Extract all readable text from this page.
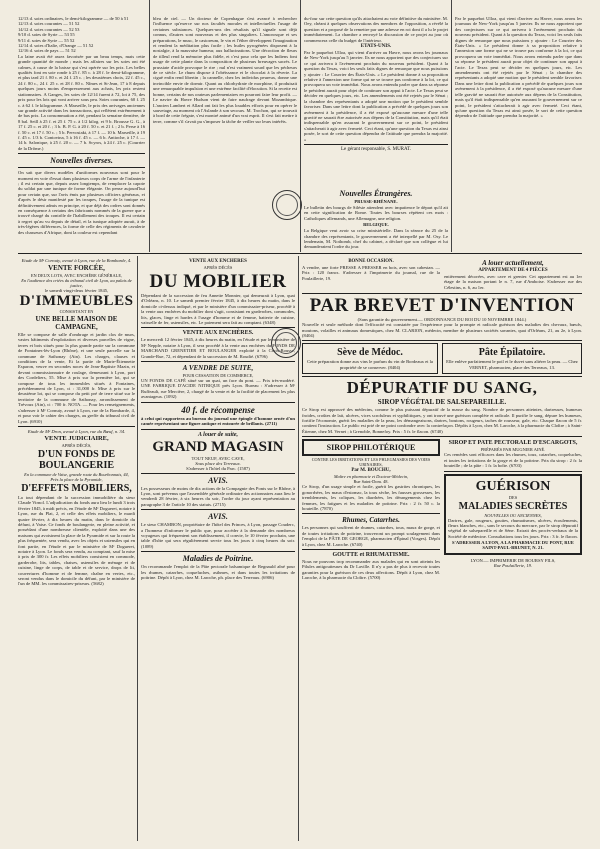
12/13 d. soies ordinaires, le demi-kilogramme — de 50 à 51
12/13 d. soies courantes — 51 52
14/12 d. soies courantes — 52 53
9/10 d. soies de Syrie — 53 55
9/11 d. soies de Syrie — 55 52
12/14 d. soies d'Italie, d'Orange — 51 52
12/16 d. soies de pays — 51 52

La laine avait été assez favorisée par un beau temps, mais cette grande quantité de monde ; mais les affaires sur les soies ont été calmes, à cause de la baisse qui s'est opérée sur les prix. Les belles qualités font en soie ronde à 25 f. 85 c. à 28 f. le demi-kilogramme, et plus tard 21 f. 80 c. et 24 f. 25 c. ; les deuxièmes choix, 22 f. 45 c., 24 f. 80 c., 24 f. 25 c. et 28 f. 80 c. Nîmes et St-Jean, 17 à 8 depuis quelques jours moins d'empressement aux achats, les prix restent stationnaires. A Ganges, les soies de 12/14 furent à 72, lot à 75, des prix pour les lots qui vont arriver sous peu. Soies courantes, 60 f. 25 c. à 62 f. le kilogramme. A Marseille, le prix des arrivages anciennes sur grande activité dans les transactions, qui reflètent extrêmement à de bas prix. La consommation a été, pendant la semaine dernière, de 8 bal. Seill à 25 f. et 25 f. 75 c. à 1/2 kilog. et 9 b. Brousse G. G., à 17 f. 25 c. et 20 f. ; 3 b. B. P. G. à 20 f. 50 c. et 21 f. ; 2 b. Perse à 16 f. 50 c. et 17 f. 50 c. ; 5 b. Pervosiaki, à 17 f. — 10 b. Marseille, à 19 f. 45 c. 1/3 b. Contovina, 5 à 16 f. 45 c. — 6 b. Antioche, à 17 f. — 14 b. Salonique, à 25 f. 20 c. — 7 b. Scyros, à 24 f. 25 c. (Courrier de la Drôme.)

Nouvelles diverses.

On sait que divers modèles d'uniformes nouveaux sont pour le moment en voie d'essai dans plusieurs corps de l'arme de l'infanterie ; il est certain que, depuis assez longtemps, de remplacer la capote du soldat par une tunique de forme élégante. On pense aujourd'hui pour certain que, sur l'avis émis par plusieurs officiers généraux, et d'après le désir manifesté par les troupes, l'usage de la tunique est définitivement admis en principe, et que déjà des ordres sont donnés en conséquence à certains des fabricants nommés de la guerre que a trouvé chargé du contrôle de l'habillement des troupes. Il est certain à regret qu'au vu depuis de détail, et la tunique adoptée aurait, à de très-légères différences, la forme de celle des régiments de cavalerie des chasseurs d'Afrique, dont la couleur est cependant

bleu de ciel. — Un docteur de Copenhague s'est avancé à rechercher l'influence qu'exerce sur nos facultés morales et intellectuelles l'usage de certaines substances. Quelques-uns des résultats qu'il signale sont déjà connus, d'autres sont nouveaux et des plus singuliers. L'amorosque et ses préparations, le musc, le castoreum, le vin et l'éther développent l'imagination et rendent la méditation plus facile ; les huiles pyrogénées disposent à la nostalgie, à la mauvaise humeur, aux hallucinations. Une décoction de fleurs de tilleul rend la mémoire plus fidèle, et c'est pour cela que les Indiens font usage de cette plante dans la composition de plusieurs breuvages sacrés. Le prussiate d'acide provoque le rire ; nul n'est vraiment sourd que les pécheurs de ce siècle. Le rhum dispose à l'obéissance et le chocolat à la rêverie. La ciguë enfin rend libertin ; la cannelle, chez les individus peureux, donne une invincible envie de dormir. Quant au chlorhydrate de morphine, il produisait une remarquable impulsion et une extrême facilité d'élocution. Si la recette est bonne, certains de nos orateurs parlementaires en pourront faire leur profit. — Le navire du Havre Hudson vient de faire naufrage devant Mozambique. L'ancien Lambert et Allard ont fait les plus louables efforts pour en opérer le sauvetage, au moment où l'Aslande à son secours. M. Trochon, qui se trouvait à bord de cette frégate, s'est montré animé d'un vrai esprit. Il s'est fait mettre à terre, comme s'il s'avait pu s'imposer la tâche de veiller sur leurs intérêts.

du-four sur cette question qu'ils attachaient au vote définitive du ministère. M. Oey, chéant à quelques observations des membres de l'opposition, a révélé la question et a proposé de la remettre par une adresse en roi dont il a lu le projet immédiatement. La chambre a renvoyé la discussion de ce projet au jour où commencera celle du budget de l'intérieur.

ETATS-UNIS.

Par le paquebot Ulloa, qui vient d'arriver au Havre, nous avons les journaux de New-York jusqu'au 5 janvier. Ils ne nous apportent que des conjectures sur ce qui arrivera à l'avènement prochain du nouveau président. Quant à la question du Texas, voici les seuls faits dignes de remarque que nous puissions y ajouter : Le Courrier des États-Unis. « Le président donne à sa proposition relative à l'annexion une forme qui ne se trouve pas conforme à la loi, ce qui provoquera un vote immédiat. Nous avons entendu parler que dans sa réponse le président aurait pour objet de continuer son appui à l'acte. Le Texas peut se décider en quelques jours, etc. Les amendements ont été rejetés par le Sénat ; la chambre des représentants a adopté une motion que le président semble favoriser. Dans une lettre dont la publication a précédé de quelques jours son avènement à la présidence, il a été exposé qu'aucune mesure d'une telle gravité ne saurait être autorisée aux dépens de la Constitution, mais qu'il était indispensable qu'en assurant le gouvernement sur ce point, le président s'attacherait à agir avec fermeté. Ceci étant, qu'une question du Texas est ainsi posée, le sort de cette question dépendra de l'attitude que prendra la majorité. »

Le gérant responsable, S. MURAT.
Nouvelles Étrangères.
PRUSSE-RHÉNANE.

Le bulletin des bourgs de Silésie attendent avec impatience le départ qu'il ait en cette signification de Rome. Toutes les bourses répètent ces mots : Catholiques allemands, une Allemagne, une religion.

BELGIQUE.

La Belgique veut avoir sa crise ministérielle. Dans la séance du 25 de la chambre des représentants, le gouvernement a été interpellé par M. Osy. Le lendemain, M. Nothomb, chef du cabinet, a déclaré que son collègue et lui demanderaient l'ordre du jour.

Par le paquebot Ulloa, qui vient d'arriver au Havre, nous avons les journaux de New-York jusqu'au 5 janvier. Ils ne nous apportent que des conjectures sur ce qui arrivera à l'avènement prochain du nouveau président. Quant à la question du Texas, voici les seuls faits dignes de remarque que nous puissions y ajouter : Le Courrier des États-Unis. « Le président donne à sa proposition relative à l'annexion une forme qui ne se trouve pas conforme à la loi, ce qui provoquera un vote immédiat. Nous avons entendu parler que dans sa réponse le président aurait pour objet de continuer son appui à l'acte. Le Texas peut se décider en quelques jours, etc. Les amendements ont été rejetés par le Sénat ; la chambre des représentants a adopté une motion que le président semble favoriser. Dans une lettre dont la publication a précédé de quelques jours son avènement à la présidence, il a été exposé qu'aucune mesure d'une telle gravité ne saurait être autorisée aux dépens de la Constitution, mais qu'il était indispensable qu'en assurant le gouvernement sur ce point, le président s'attacherait à agir avec fermeté. Ceci étant, qu'une question du Texas est ainsi posée, le sort de cette question dépendra de l'attitude que prendra la majorité. »

Etude de Mᵉ Cornuty, avoué à Lyon, rue de la Bombarde, 4.
VENTE FORCÉE,
EN DEUX LOTS, AVEC ENCHÈRE GÉNÉRALE,
En l'audience des criées du tribunal civil de Lyon, au palais de justice,
le samedi vingt-deux février 1845,
D'IMMEUBLES
CONSISTANT EN
UNE BELLE MAISON DE CAMPAGNE,

Elle se compose de salle d'ombrage et jardin clos de murs, vastes bâtiments d'exploitation et diverses parcelles de vigne, terres et bois situés pour la plus grande partie sur la commune de Fontaines-lès-Lyon (Rhône), et une seule parcelle sur la commune de Sathonay (Ain). Les charges, clauses et conditions de la vente, Et la partie de Marie-Étiennette Esparon, veuve en secondes noces de Jean-Baptiste Mazin, et devant commissionnaire de roulage, demeurant à Lyon, port des Cordeliers, 55. Mise à prix sur la première lot, qui se compose de tous les immeubles situés à Fontaines, précédemment de Lyon, ci : 31,000 fr. Mise à prix sur le deuxième lot, qui se compose du petit pré de terre situé sur le territoire de la commune de Sathonay, arrondissement de Trévoux (Ain), ci : 700 fr. NOTA. — Pour les renseignements, s'adresser à Mᵉ Cornuty, avoué à Lyon, rue de la Bombarde, 4, et pour voir le cahier des charges, au greffe du tribunal civil de Lyon. (6910)

Etude de Mᵉ Dron, avoué à Lyon, rue du Bœuf, n. 34.
VENTE JUDICIAIRE,
APRÈS DÉCÈS,
D'UN FONDS DE BOULANGERIE
En la commune de Vaise, grande route du Bourbonnais, 44,
Près la place de la Pyramide,
D'EFFETS MOBILIERS,

La tout dépendant de la succession immobilière du sieur Claude Virnol. L'adjudication du fonds aura lieu le lundi 3 trois février 1845, à midi précis, en l'étude de Mᵉ Dogueret, notaire à Lyon, rue du Plat, 2, et celle des effets mobiliers, le mardi quatre février, à dix heures du matin, dans le domicile du défunt, à Vaise. Ce fonds de boulangerie, en pleine activité, et possédant d'une nombreuse clientèle, exploité dans une des maisons qui avoisinent la place de la Pyramide et sur la route la plus fréquentée, sera vendu, avec les objets et ustensiles qui en font partie, en l'étude et par le ministère de Mᵉ Dogueret, notaire à Lyon. Le fonds sera vendu, au comptant, sauf la mise à prix de 300 fr. Les effets mobiliers consistent en commode, garderobe, lits, tables, chaises, ustensiles de ménage et de cuisine, linge de corps, de table et de service, drops de lit, couvertures d'homme et de femme, chaîne en vertes, etc., seront vendus dans le domicile du défunt, par le ministère de l'un de MM. les commissaires-priseurs. (5682)

VENTE AUX ENCHÈRES
APRÈS DÉCÈS
DU MOBILIER

Dépendant de la succession de feu Annette Monnier, qui demeurait à Lyon, quai d'Orléans, n. 10. Le samedi premier février 1845, à dix heures du matin, dans le domicile ci-dessus indiqué, et par le ministère d'un commissaire-priseur, procédé à la vente aux enchères du mobilier dont s'agit, consistant en garderobes, commodes, lits, glaces, linge et hardes à l'usage d'homme et de femme, batterie de cuisine, vaisselle de fer, ustensiles, etc. Le paiement sera fait au comptant. (6348)

VENTE AUX ENCHÈRES.

Le mercredi 12 février 1845, à dix heures du matin, en l'étude et par le ministère de Mᵉ Nepple, notaire à Lyon, il sera procédé à la vente aux enchères du FONDS DE MARCHAND GRENETIER ET BOULANGER exploité à la Croix-Rousse, Grande-Rue, 72, et dépendant de la succession de M. Roudié. (6796)

A VENDRE DE SUITE,
POUR CESSATION DE COMMERCE,

UN FONDS DE CAFÉ situé sur un quai, un face du pont. — Prix très-modéré. UNE FABRIQUE D'ACIDE NITRIQUE près Lyon. Bureau : S'adresser à Mᵉ Ruffeault, rue Mercière, 2, chargé de la vente et de la facilité de placement les plus avantageux. (1092)

40 f. de récompense

à celui qui rapportera au bureau du journal une épingle d'homme ornée d'un camée représentant une figure antique et entourée de brillants. (2711)

A louer de suite,
GRAND MAGASIN
TOUT NEUF, AVEC CAVE,
Sous place des Terreaux.
S'adresser à l'hôtel du Parc. (1587)
AVIS.

Les possesseurs de moins de dix actions de la Compagnie des Ponts sur le Rhône, à Lyon, sont prévenus que l'assemblée générale ordinaire des actionnaires aura lieu le vendredi 28 février, à six heures du soir, l'ordre du jour ayant représentation au paragraphe 3 de l'article 10 des statuts. (2715)

AVIS.

Le sieur CHAMBON, propriétaire de l'hôtel des Princes, à Lyon, passage Couderc, a l'honneur d'informer le public que, pour accéder à la demande des nombreux voyageurs qui fréquentent son établissement, il convie, le 10 février prochain, une table d'hôte qui sera régulièrement servie tous les jours à cinq heures du soir. (1089)

Maladies de Poitrine.

On recommande l'emploi de la Pâte pectorale balsamique de Regnauld aîné pour les rhumes, catarrhes, coqueluches, asthmes, et dans toutes les irritations de poitrine. Dépôt à Lyon, chez M. Laroche, ph. place des Terreaux. (6906)

BONNE OCCASION.

A vendre, une forte PRESSE A PRESSER en bois, avec son cabestan. — Prix : 120 francs. S'adresser à l'imprimerie du journal, rue de la Poulaillerie, 19.

A louer actuellement,
APPARTEMENT DE 4 PIÈCES

entièrement décorées, avec cave et grenier. Cet appartement est au 1er étage de la maison portant le n. 7, rue d'Amboise. S'adresser rue des Célestins, n. 6, au 1er.

PAR BREVET D'INVENTION
(Sans garantie du gouvernement.— ORDONNANCE DU ROI DU 10 NOVEMBRE 1844.)

Nouvelle et seule méthode dont l'efficacité est constatée par l'expérience pour la prompte et radicale guérison des maladies des chevaux, bœufs, moutons, volailles et animaux domestiques, chez M. CLARION, médecin, membre de plusieurs sociétés savantes, quai d'Orléans, 21, au 2e, à Lyon. (8404)

Sève de Médoc.

Cette préparation donne aux vins le parfum du vin de Bordeaux et la propriété de se conserver. (8404)

Pâte Épilatoire.

Elle enlève parfaitement le poil et le duvet sans altérer la peau. — Chez VERNET, pharmacien, place des Terreaux, 13.

DÉPURATIF DU SANG,
SIROP VÉGÉTAL DE SALSEPAREILLE.

Ce Sirop est approuvé des médecins, comme le plus puissant dépuratif de la masse du sang. Nombre de personnes atteintes, dartreuses, humeurs froides, croûtes de lait, ulcères, vices scrofuleux et syphilitiques, y ont trouvé une guérison complète et radicale. Il purifie le sang, dépure les humeurs, fortifie l'économie, guérit les maladies de la peau, les démangeaisons, dartres, boutons, rougeurs, taches de rousseur, gale, etc. Chaque flacon de 5 fr. contient l'instruction. Le public est prié de ne point confondre avec la contrefaçon. Dépôts à Lyon, chez M. Laroche, à la pharmacie du Cloître ; à Saint-Étienne, chez M. Vernet ; à Grenoble, Bonnefoy. Prix : 5 fr. le flacon. (6740)

SIROP PHILOTÉRIQUE
CONTRE LES IRRITATIONS ET LES PHLEGMASIES DES VOIES URINAIRES,
Par M. BOUCHU,
Maître en pharmacie et Docteur-Médecin,
Rue Saint-Dom. 48.

Ce Sirop, d'un usage simple et facile, guérit les gastrites chroniques, les gonorrhées, les maux d'estomac, la toux sèche, les fausses grossesses, les tremblements, les coliques, les diarrhées, les dérangements chez les femmes, les fatigues et les maladies de poitrine. Prix : 2 fr. 50 c. la bouteille. (7870)

Rhumes, Catarrhes.

Les personnes qui souffrent de rhumes, catarrhes, toux, maux de gorge, et de toutes irritations de poitrine, trouveront un prompt soulagement dans l'emploi de la PÂTE DE GEORGE, pharmacien d'Épinal (Vosges). Dépôt à Lyon, chez M. Laroche. (6740)

GOUTTE et RHUMATISME.

Nous ne pouvons trop recommander aux malades qui en sont atteints les Pilules antigoutteuses du Dr Laville. Il n'y a pas de plus à recevoir toutes garanties pour la guérison de ces deux affections. Dépôt à Lyon, chez M. Laroche, à la pharmacie du Cloître. (5700)

SIROP ET PATE PECTORALE D'ESCARGOTS,
PRÉPARÉS PAR MUGNIER AINÉ.

Ces remèdes sont efficaces dans les rhumes, toux, catarrhes, coqueluches, et toutes les irritations de la gorge et de la poitrine. Prix du sirop : 2 fr. la bouteille ; de la pâte : 1 fr. la boîte. (6703)

GUÉRISON
DES
MALADIES SECRÈTES
NOUVELLES OU ANCIENNES,

Dartres, gale, rougeurs, gouttes, rhumatismes, ulcères, écoulements, fleurs blanches, etc., sans le secours du mercure, par le sirop dépuratif végétal de salsepareille et de Sène. Extrait des procès-verbaux de la Société de médecine. Consultations tous les jours. Prix : 3 fr. le flacon.

S'ADRESSER A LYON, A LA PHARMACIE DU PONT, RUE SAINT-PAUL-BRUNET, N. 21.
LYON.— IMPRIMERIE DE BOURSY FILS,
Rue Poulaillerie, 19.
